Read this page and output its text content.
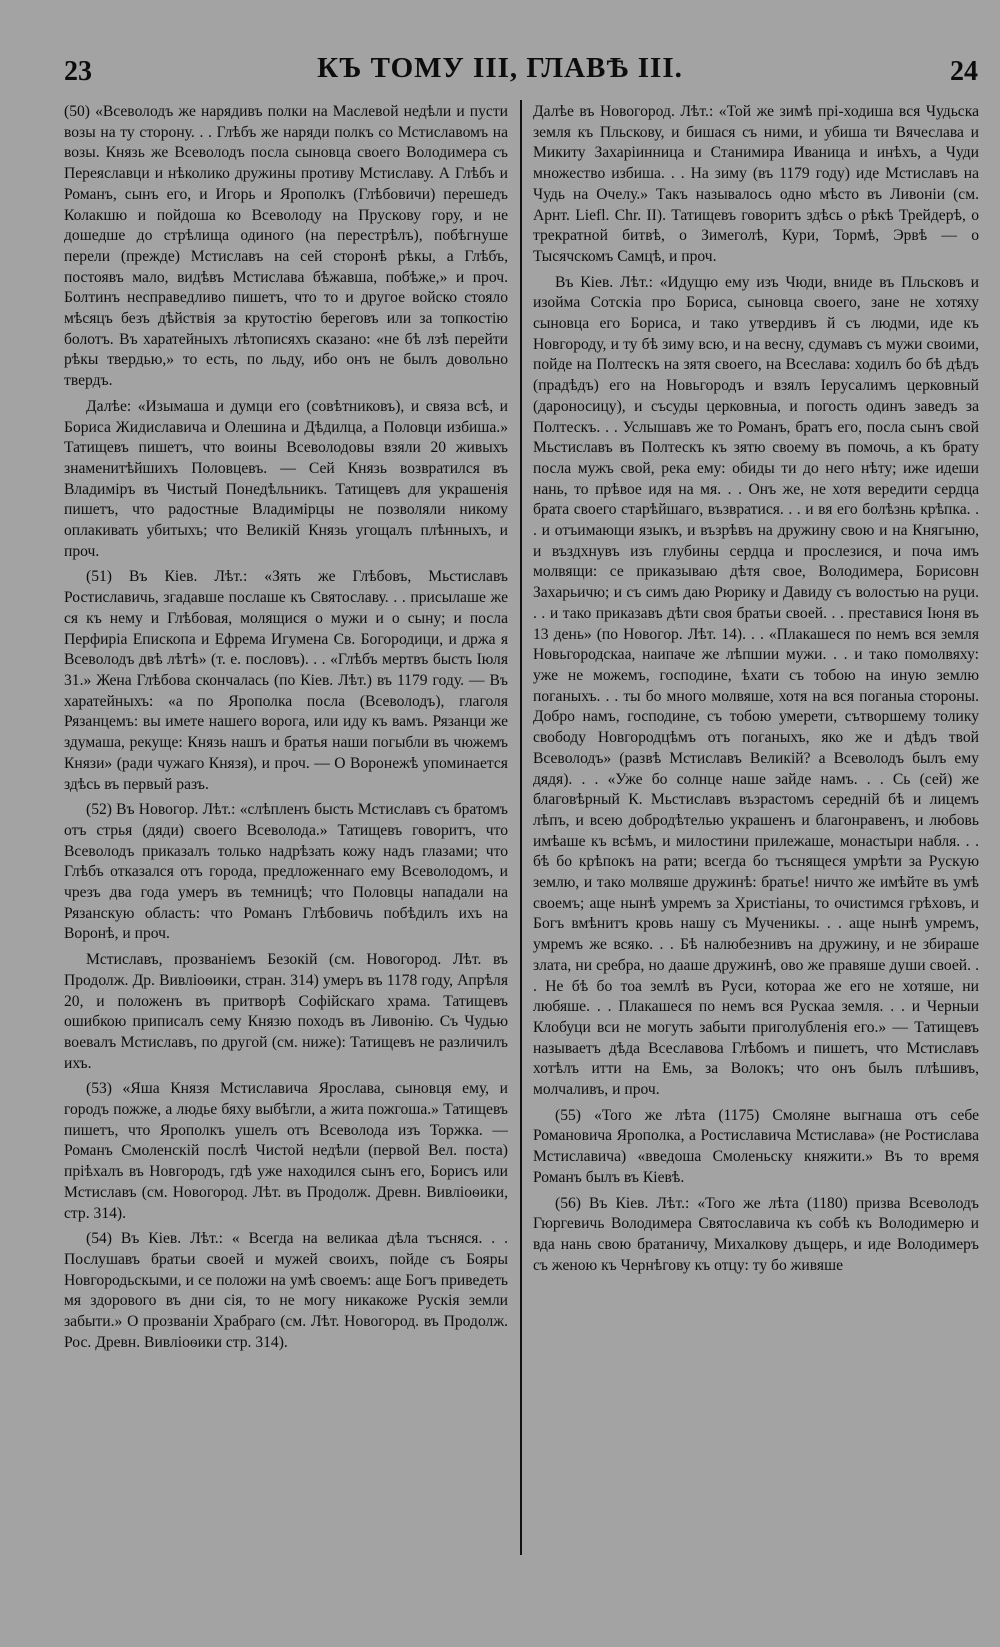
23	КЪ ТОМУ III, ГЛАВѢ III.	24

(50) «Всеволодъ же нарядивъ полки на Маслевой недѣли и пусти возы на ту сторону. . . Глѣбъ же наряди полкъ со Мстиславомъ на возы. Князь же Всеволодъ посла сыновца своего Володимера съ Переяславци и нѣколико дружины противу Мстиславу. А Глѣбъ и Романъ, сынъ его, и Игорь и Ярополкъ (Глѣбовичи) перешедъ Колакшю и пойдоша ко Всеволоду на Прускову гору, и не дошедше до стрѣлища одиного (на перестрѣлъ), побѣгнуше перели (прежде) Мстиславъ на сей сторонѣ рѣкы, а Глѣбъ, постоявъ мало, видѣвъ Мстислава бѣжавша, побѣже,» и проч. Болтинъ несправедливо пишетъ, что то и другое войско стояло мѣсяцъ безъ дѣйствія за крутостію береговъ или за топкостію болотъ. Въ харатейныхъ лѣтописяхъ сказано: «не бѣ лзѣ перейти рѣкы твердью,» то есть, по льду, ибо онъ не былъ довольно твердъ.

Далѣе: «Изымаша и думци его (совѣтниковъ), и связа всѣ, и Бориса Жидиславича и Олешина и Дѣдилца, а Половци избиша.» Татищевъ пишетъ, что воины Всеволодовы взяли 20 живыхъ знаменитѣйшихъ Половцевъ. — Сей Князь возвратился въ Владиміръ въ Чистый Понедѣльникъ. Татищевъ для украшенія пишетъ, что радостные Владимірцы не позволяли никому оплакивать убитыхъ; что Великій Князь угощалъ плѣнныхъ, и проч.

(51) Въ Кіев. Лѣт.: «Зять же Глѣбовъ, Мьстиславъ Ростиславичь, згадавше послаше къ Святославу. . . присылаше же ся къ нему и Глѣбовая, молящися о мужи и о сыну; и посла Перфиріа Епископа и Ефрема Игумена Св. Богородици, и држа я Всеволодъ двѣ лѣтѣ» (т. е. пословъ). . . «Глѣбъ мертвъ бысть Іюля 31.» Жена Глѣбова скончалась (по Кіев. Лѣт.) въ 1179 году. — Въ харатейныхъ: «а по Ярополка посла (Всеволодъ), глаголя Рязанцемъ: вы имете нашего ворога, или иду къ вамъ. Рязанци же здумаша, рекуще: Князь нашъ и братья наши погыбли въ чюжемъ Князи» (ради чужаго Князя), и проч. — О Воронежѣ упоминается здѣсь въ первый разъ.

(52) Въ Новогор. Лѣт.: «слѣпленъ бысть Мстиславъ съ братомъ отъ стрья (дяди) своего Всеволода.» Татищевъ говоритъ, что Всеволодъ приказалъ только надрѣзать кожу надъ глазами; что Глѣбъ отказался отъ города, предложеннаго ему Всеволодомъ, и чрезъ два года умеръ въ темницѣ; что Половцы нападали на Рязанскую область: что Романъ Глѣбовичь побѣдилъ ихъ на Воронѣ, и проч.

Мстиславъ, прозваніемъ Безокій (см. Новогород. Лѣт. въ Продолж. Др. Вивліоѳики, стран. 314) умеръ въ 1178 году, Апрѣля 20, и положенъ въ притворѣ Софійскаго храма. Татищевъ ошибкою приписалъ сему Князю походъ въ Ливонію. Съ Чудью воевалъ Мстиславъ, по другой (см. ниже): Татищевъ не различилъ ихъ.

(53) «Яша Князя Мстиславича Ярослава, сыновця ему, и городъ пожже, а людье бяху выбѣгли, а жита пожгоша.» Татищевъ пишетъ, что Ярополкъ ушелъ отъ Всеволода изъ Торжка. — Романъ Смоленскій послѣ Чистой недѣли (первой Вел. поста) пріѣхалъ въ Новгородъ, гдѣ уже находился сынъ его, Борисъ или Мстиславъ (см. Новогород. Лѣт. въ Продолж. Древн. Вивліоѳики, стр. 314).

(54) Въ Кіев. Лѣт.: « Всегда на великаа дѣла тъсняся. . . Послушавъ братьи своей и мужей своихъ, пойде съ Бояры Новгородьскыми, и се положи на умѣ своемъ: аще Богъ приведеть мя здорового въ дни сія, то не могу никакоже Рускія земли забыти.» О прозваніи Храбраго (см. Лѣт. Новогород. въ Продолж. Рос. Древн. Вивліоѳики стр. 314).

Далѣе въ Новогород. Лѣт.: «Той же зимѣ прі-ходиша вся Чудьска земля къ Пльскову, и бишася съ ними, и убиша ти Вячеслава и Микиту Захаріинница и Станимира Иваница и инѣхъ, а Чуди множество избиша. . . На зиму (въ 1179 году) иде Мстиславъ на Чудь на Очелу.» Такъ называлось одно мѣсто въ Ливоніи (см. Арнт. Liefl. Chr. II). Татищевъ говоритъ здѣсь о рѣкѣ Трейдерѣ, о трекратной битвѣ, о Зимеголѣ, Кури, Тормѣ, Эрвѣ — о Тысячскомъ Самцѣ, и проч.

Въ Кіев. Лѣт.: «Идущю ему изъ Чюди, вниде въ Пльсковъ и изойма Сотскіа про Бориса, сыновца своего, зане не хотяху сыновца его Бориса, и тако утвердивъ й съ людми, иде къ Новгороду, и ту бѣ зиму всю, и на весну, сдумавъ съ мужи своими, пойде на Полтескъ на зятя своего, на Всеслава: ходилъ бо бѣ дѣдъ (прадѣдъ) его на Новьгородъ и взялъ Іерусалимъ церковный (дароносицу), и съсуды церковныа, и погость одинъ заведъ за Полтескъ. . . Услышавъ же то Романъ, братъ его, посла сынъ свой Мьстиславъ въ Полтескъ къ зятю своему въ помочь, а къ брату посла мужъ свой, река ему: обиды ти до него нѣту; иже идеши нань, то прѣвое идя на мя. . . Онъ же, не хотя вередити сердца брата своего старѣйшаго, възвратися. . . и вя его болѣзнь крѣпка. . . и отъимающи языкъ, и възрѣвъ на дружину свою и на Княгыню, и въздхнувъ изъ глубины сердца и прослезися, и поча имъ молвящи: се приказываю дѣтя свое, Володимера, Борисовн Захарьичю; и съ симъ даю Рюрику и Давиду съ волостью на руци. . . и тако приказавъ дѣти своя братьи своей. . . преставися Іюня въ 13 день» (по Новогор. Лѣт. 14). . . «Плакашеся по немъ вся земля Новьгородскаа, наипаче же лѣпшии мужи. . . и тако помолвяху: уже не можемъ, господине, ѣхати съ тобою на иную землю поганыхъ. . . ты бо много молвяше, хотя на вся поганыа стороны. Добро намъ, господине, съ тобою умерети, сътворшему толику свободу Новгородцѣмъ отъ поганыхъ, яко же и дѣдъ твой Всеволодъ» (развѣ Мстиславъ Великій? а Всеволодъ былъ ему дядя). . . «Уже бо солнце наше зайде намъ. . . Сь (сей) же благовѣрный К. Мьстиславъ възрастомъ середній бѣ и лицемъ лѣпъ, и всею добродѣтелью украшенъ и благонравенъ, и любовь имѣаше къ всѣмъ, и милостини прилежаше, монастыри набля. . . бѣ бо крѣпокъ на рати; всегда бо тъснящеся умрѣти за Рускую землю, и тако молвяше дружинѣ: братье! ничто же имѣйте въ умѣ своемъ; аще нынѣ умремъ за Христіаны, то очистимся грѣховъ, и Богъ вмѣнитъ кровь нашу съ Мученикы. . . аще нынѣ умремъ, умремъ же всяко. . . Бѣ налюбезнивъ на дружину, и не збираше злата, ни сребра, но дааше дружинѣ, ово же правяше души своей. . . Не бѣ бо тоа землѣ въ Руси, котораа же его не хотяше, ни любяше. . . Плакашеся по немъ вся Рускаа земля. . . и Черныи Клобуци вси не могуть забыти приголубленія его.» — Татищевъ называетъ дѣда Всеславова Глѣбомъ и пишетъ, что Мстиславъ хотѣлъ итти на Емь, за Волокъ; что онъ былъ плѣшивъ, молчаливъ, и проч.

(55) «Того же лѣта (1175) Смоляне выгнаша отъ себе Романовича Ярополка, а Ростиславича Мстислава» (не Ростислава Мстиславича) «введоша Смоленьску княжити.» Въ то время Романъ былъ въ Кіевѣ.

(56) Въ Кіев. Лѣт.: «Того же лѣта (1180) призва Всеволодъ Гюргевичь Володимера Святославича къ собѣ къ Володимерю и вда нань свою братаничу, Михалкову дъщерь, и иде Володимеръ съ женою къ Чернѣгову къ отцу: ту бо живяше
